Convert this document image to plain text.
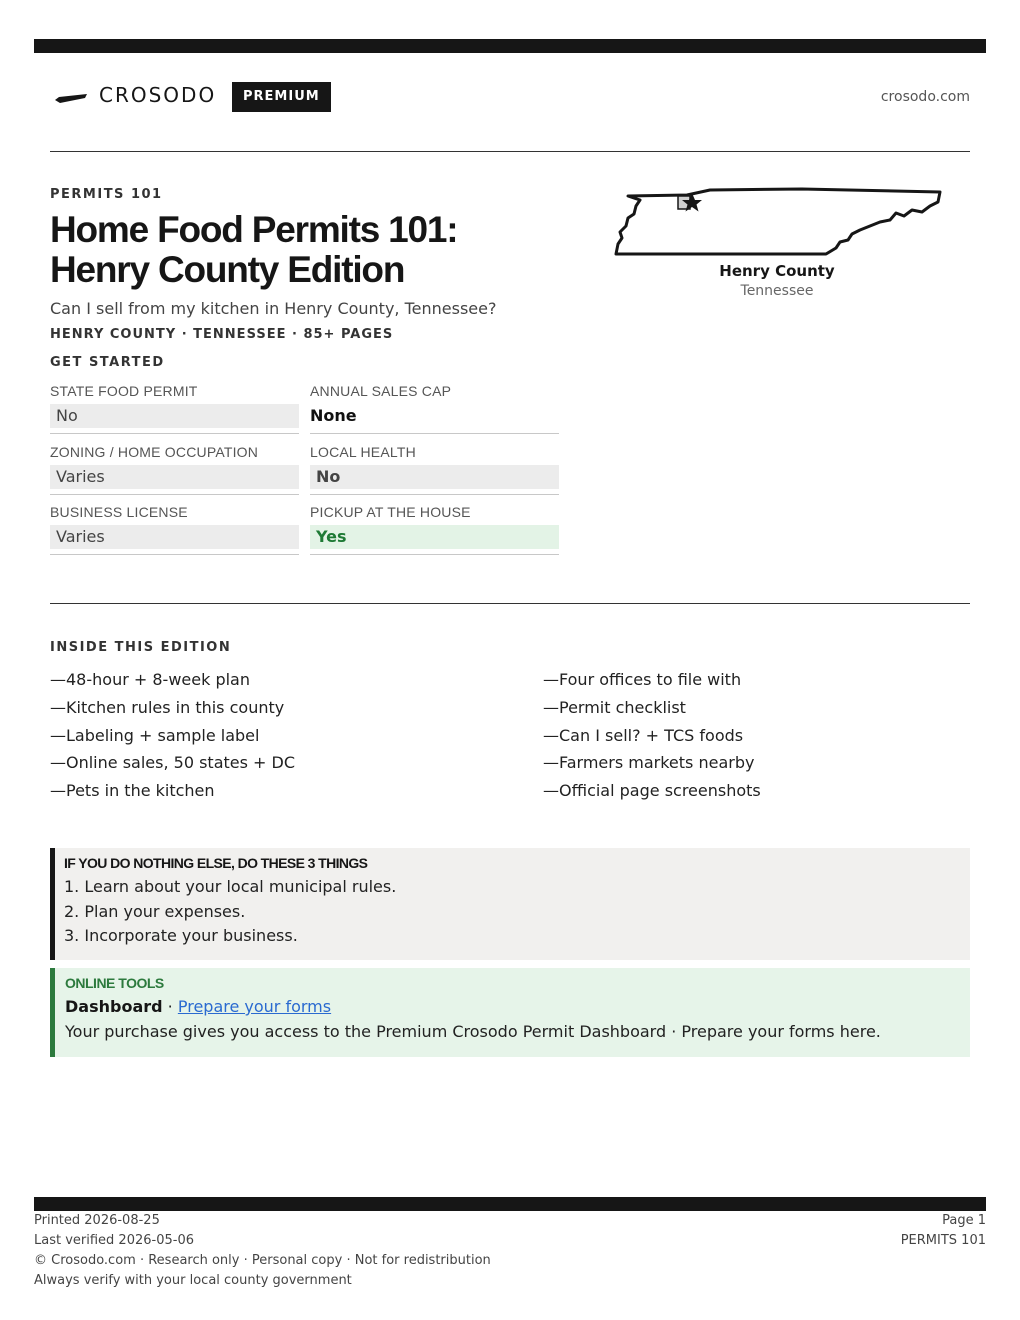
CROSODO	PREMIUM	crosodo.com
PERMITS 101
Home Food Permits 101: Henry County Edition
Can I sell from my kitchen in Henry County, Tennessee?
HENRY COUNTY · TENNESSEE · 85+ PAGES
Henry County
Tennessee
GET STARTED
STATE FOOD PERMIT
No
ANNUAL SALES CAP
None
ZONING / HOME OCCUPATION
Varies
LOCAL HEALTH
No
BUSINESS LICENSE
Varies
PICKUP AT THE HOUSE
Yes
INSIDE THIS EDITION
—48-hour + 8-week plan
—Kitchen rules in this county
—Labeling + sample label
—Online sales, 50 states + DC
—Pets in the kitchen
—Four offices to file with
—Permit checklist
—Can I sell? + TCS foods
—Farmers markets nearby
—Official page screenshots
IF YOU DO NOTHING ELSE, DO THESE 3 THINGS
1. Learn about your local municipal rules.
2. Plan your expenses.
3. Incorporate your business.
ONLINE TOOLS
Dashboard · Prepare your forms
Your purchase gives you access to the Premium Crosodo Permit Dashboard · Prepare your forms here.
Printed 2026-08-25
Last verified 2026-05-06
© Crosodo.com · Research only · Personal copy · Not for redistribution
Always verify with your local county government
Page 1
PERMITS 101
